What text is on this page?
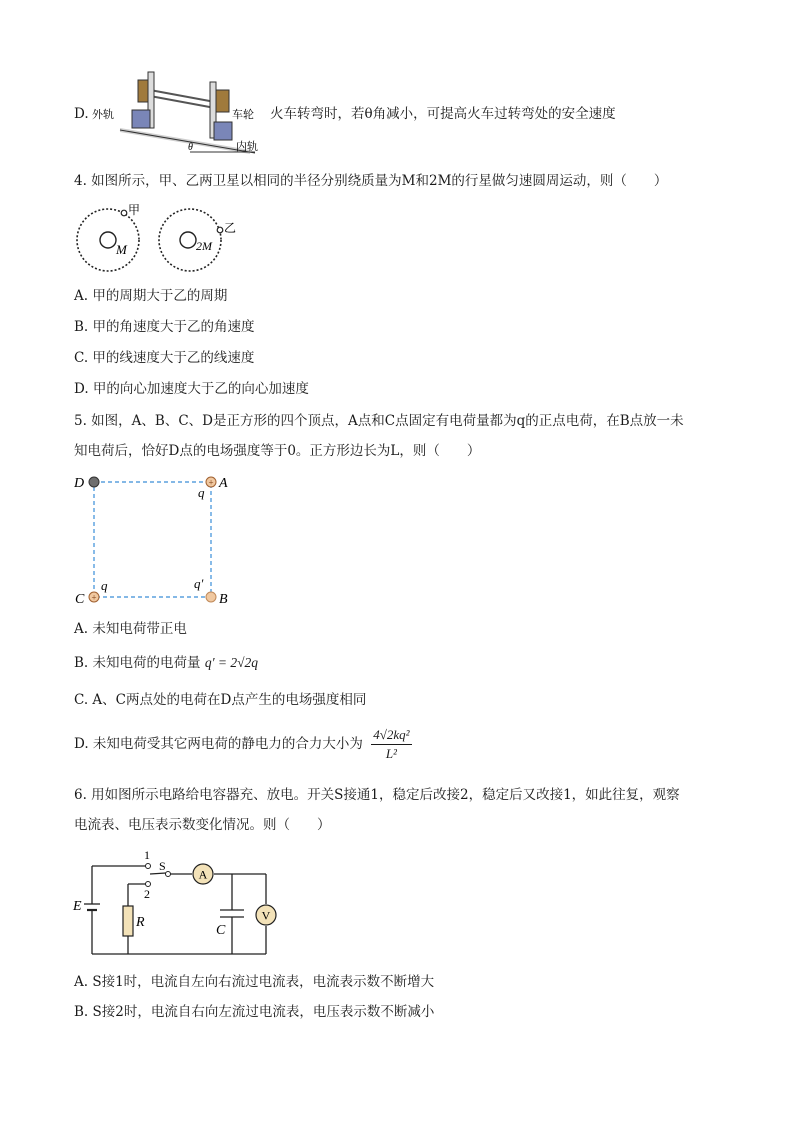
D. 外轨	车轮
内轨
θ
火车转弯时，若θ角减小，可提高火车过转弯处的安全速度
4. 如图所示，甲、乙两卫星以相同的半径分别绕质量为M和2M的行星做匀速圆周运动，则（　　）
甲
M
乙
2M
A. 甲的周期大于乙的周期
B. 甲的角速度大于乙的角速度
C. 甲的线速度大于乙的线速度
D. 甲的向心加速度大于乙的向心加速度
5. 如图，A、B、C、D是正方形的四个顶点，A点和C点固定有电荷量都为q的正点电荷，在B点放一未
知电荷后，恰好D点的电场强度等于0。正方形边长为L，则（　　）
+
+
D	A
q
C
q
B
q′
A. 未知电荷带正电
B. 未知电荷的电荷量 q′ = 2√2q
C. A、C两点处的电荷在D点产生的电场强度相同
D. 未知电荷受其它两电荷的静电力的合力大小为 $\frac{\text{4√2kq²}}{\text{L²}}$
6. 用如图所示电路给电容器充、放电。开关S接通1，稳定后改接2，稳定后又改接1，如此往复，观察
电流表、电压表示数变化情况。则（　　）
A
V
E
R
C
S
1
2
A. S接1时，电流自左向右流过电流表，电流表示数不断增大
B. S接2时，电流自右向左流过电流表，电压表示数不断减小
